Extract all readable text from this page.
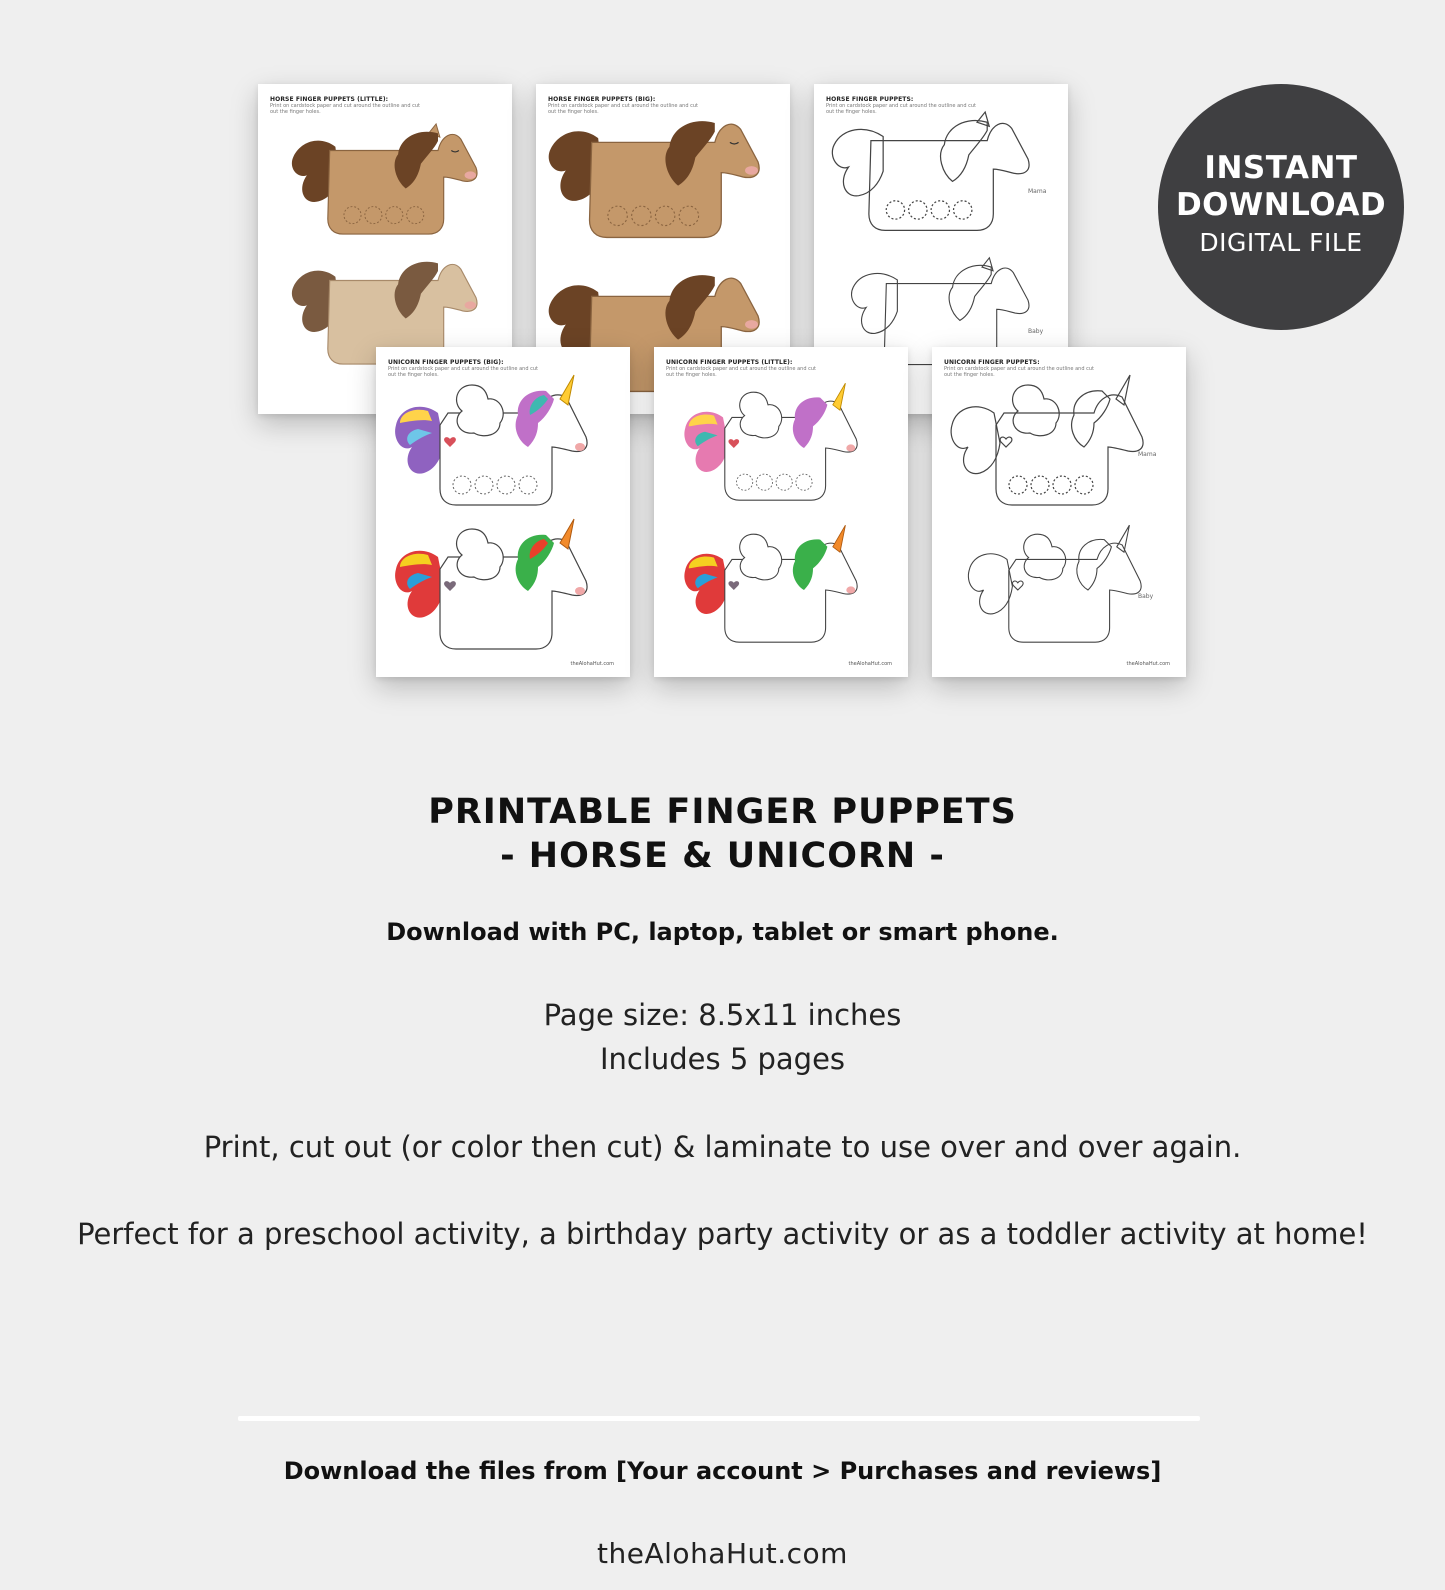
HORSE FINGER PUPPETS (LITTLE):
Print on cardstock paper and cut around the outline and cut out the finger holes.
HORSE FINGER PUPPETS (BIG):
Print on cardstock paper and cut around the outline and cut out the finger holes.
HORSE FINGER PUPPETS:
Print on cardstock paper and cut around the outline and cut out the finger holes.
Mama
Baby
UNICORN FINGER PUPPETS (BIG):
Print on cardstock paper and cut around the outline and cut out the finger holes.
theAlohaHut.com
UNICORN FINGER PUPPETS (LITTLE):
Print on cardstock paper and cut around the outline and cut out the finger holes.
theAlohaHut.com
UNICORN FINGER PUPPETS:
Print on cardstock paper and cut around the outline and cut out the finger holes.
Mama
Baby
theAlohaHut.com
INSTANT
DOWNLOAD
DIGITAL FILE
PRINTABLE FINGER PUPPETS
- HORSE & UNICORN -
Download with PC, laptop, tablet or smart phone.
Page size: 8.5x11 inches
Includes 5 pages
Print, cut out (or color then cut) & laminate to use over and over again.
Perfect for a preschool activity, a birthday party activity or as a toddler activity at home!
Download the files from [Your account > Purchases and reviews]
theAlohaHut.com
